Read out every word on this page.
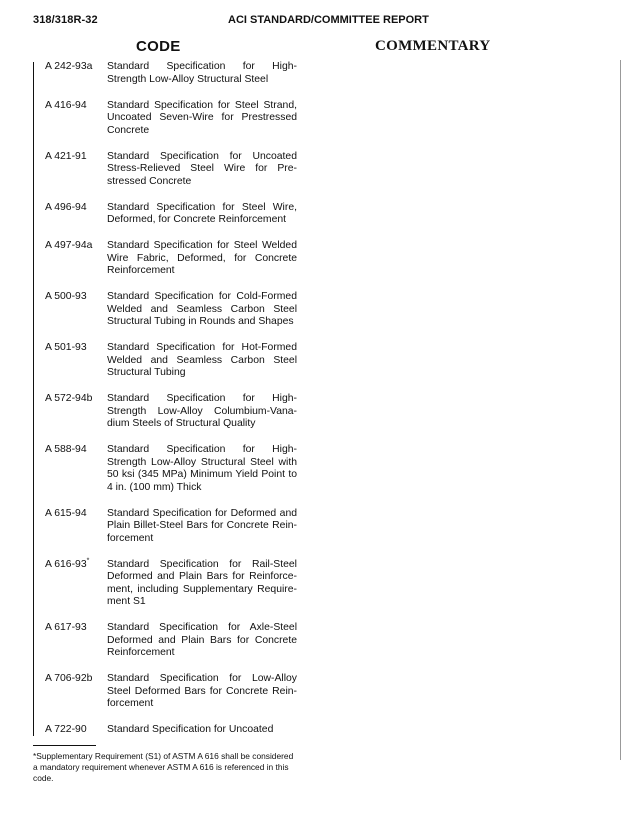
318/318R-32	ACI STANDARD/COMMITTEE REPORT
CODE	COMMENTARY
A 242-93a	Standard Specification for High-
Strength Low-Alloy Structural Steel
A 416-94	Standard Specification for Steel Strand,
Uncoated Seven-Wire for Prestressed
Concrete
A 421-91	Standard Specification for Uncoated
Stress-Relieved Steel Wire for Pre-
stressed Concrete
A 496-94	Standard Specification for Steel Wire,
Deformed, for Concrete Reinforcement
A 497-94a	Standard Specification for Steel Welded
Wire Fabric, Deformed, for Concrete
Reinforcement
A 500-93	Standard Specification for Cold-Formed
Welded and Seamless Carbon Steel
Structural Tubing in Rounds and Shapes
A 501-93	Standard Specification for Hot-Formed
Welded and Seamless Carbon Steel
Structural Tubing
A 572-94b	Standard Specification for High-
Strength Low-Alloy Columbium-Vana-
dium Steels of Structural Quality
A 588-94	Standard Specification for High-
Strength Low-Alloy Structural Steel with
50 ksi (345 MPa) Minimum Yield Point to
4 in. (100 mm) Thick
A 615-94	Standard Specification for Deformed and
Plain Billet-Steel Bars for Concrete Rein-
forcement
A 616-93*	Standard Specification for Rail-Steel
Deformed and Plain Bars for Reinforce-
ment, including Supplementary Require-
ment S1
A 617-93	Standard Specification for Axle-Steel
Deformed and Plain Bars for Concrete
Reinforcement
A 706-92b	Standard Specification for Low-Alloy
Steel Deformed Bars for Concrete Rein-
forcement
A 722-90	Standard Specification for Uncoated
*Supplementary Requirement (S1) of ASTM A 616 shall be considered a mandatory requirement whenever ASTM A 616 is referenced in this code.
